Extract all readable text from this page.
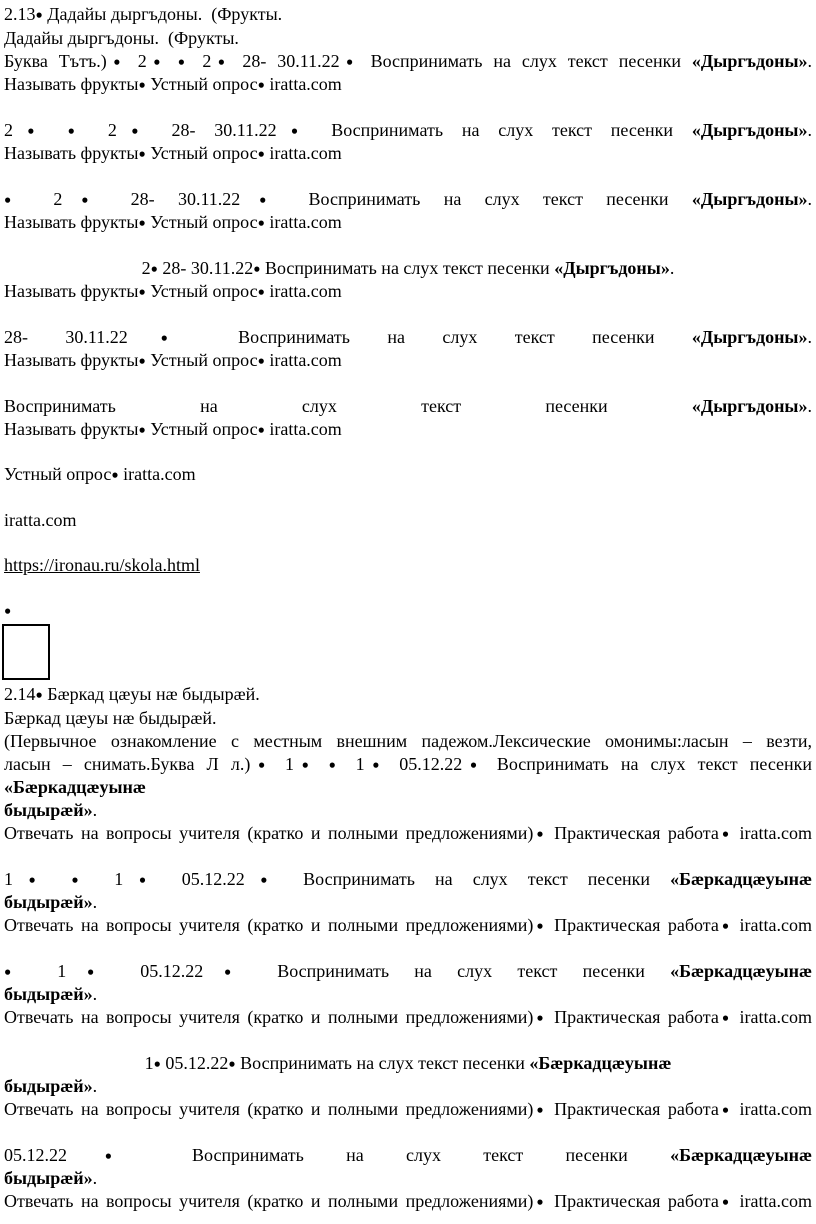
2.13● Дадайы дыргъдоны.  (Фрукты.
Дадайы дыргъдоны.  (Фрукты.
Буква Тътъ.)● 2● ● 2● 28- 30.11.22● Воспринимать на слух текст песенки «Дыргъдоны».
Называть фрукты● Устный опрос● iratta.com
2● ● 2● 28- 30.11.22● Воспринимать на слух текст песенки «Дыргъдоны».
Называть фрукты● Устный опрос● iratta.com
● 2● 28- 30.11.22● Воспринимать на слух текст песенки «Дыргъдоны».
Называть фрукты● Устный опрос● iratta.com
2● 28- 30.11.22● Воспринимать на слух текст песенки «Дыргъдоны».
Называть фрукты● Устный опрос● iratta.com
28- 30.11.22● Воспринимать на слух текст песенки «Дыргъдоны».
Называть фрукты● Устный опрос● iratta.com
Воспринимать на слух текст песенки «Дыргъдоны».
Называть фрукты● Устный опрос● iratta.com
Устный опрос● iratta.com
iratta.com
https://ironau.ru/skola.html
●
2.14● Бæркад цæуы нæ быдырæй.
Бæркад цæуы нæ быдырæй.
(Первычное ознакомление с местным внешним падежом.Лексические омонимы:ласын – везти,
ласын – снимать.Буква Л л.)● 1● ● 1● 05.12.22● Воспринимать на слух текст песенки
«Бæркадцæуынæ
быдырæй».
Отвечать на вопросы учителя (кратко и полными предложениями)● Практическая работа● iratta.com
1● ● 1● 05.12.22● Воспринимать на слух текст песенки «Бæркадцæуынæ
быдырæй».
Отвечать на вопросы учителя (кратко и полными предложениями)● Практическая работа● iratta.com
● 1● 05.12.22● Воспринимать на слух текст песенки «Бæркадцæуынæ
быдырæй».
Отвечать на вопросы учителя (кратко и полными предложениями)● Практическая работа● iratta.com
1● 05.12.22● Воспринимать на слух текст песенки «Бæркадцæуынæ
быдырæй».
Отвечать на вопросы учителя (кратко и полными предложениями)● Практическая работа● iratta.com
05.12.22● Воспринимать на слух текст песенки «Бæркадцæуынæ
быдырæй».
Отвечать на вопросы учителя (кратко и полными предложениями)● Практическая работа● iratta.com
